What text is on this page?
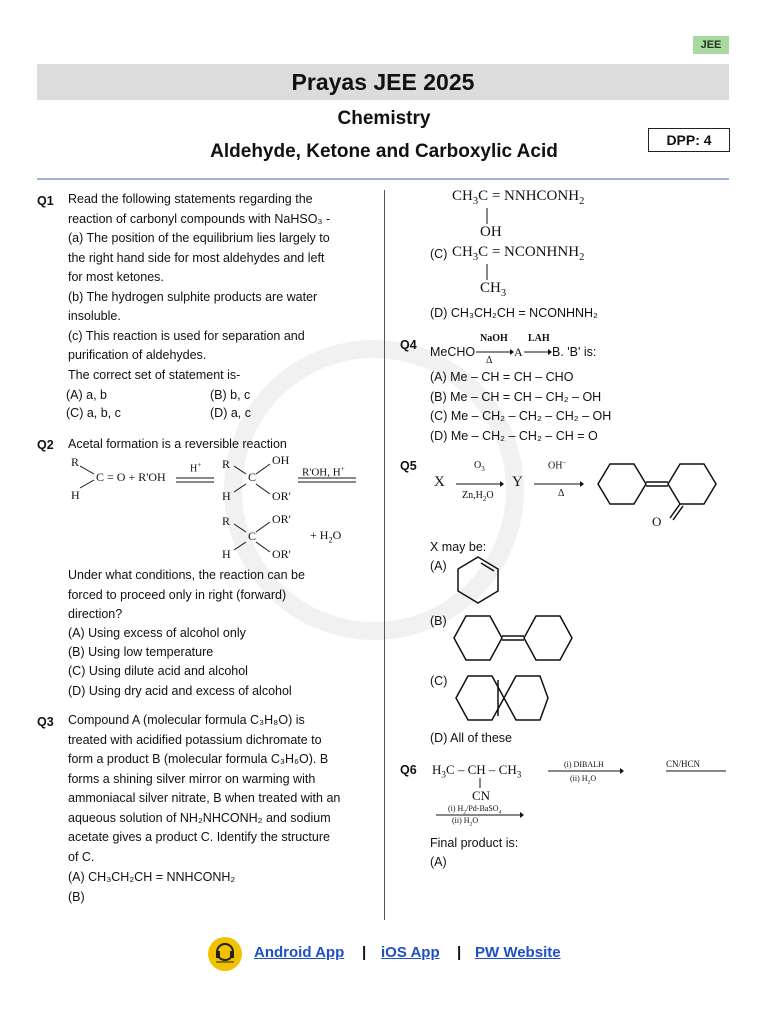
JEE
Prayas JEE 2025
Chemistry
Aldehyde, Ketone and Carboxylic Acid
DPP: 4
Q1 Read the following statements regarding the
reaction of carbonyl compounds with NaHSO₃ -
(a) The position of the equilibrium lies largely to
the right hand side for most aldehydes and left
for most ketones.
(b) The hydrogen sulphite products are water
insoluble.
(c) This reaction is used for separation and
purification of aldehydes.
The correct set of statement is-
(A) a, b	(B) b, c
(C) a, b, c	(D) a, c
Q2 Acetal formation is a reversible reaction
R
H
C = O + R'OH
H+ R
C
H
OH
OR'
R'OH, H+
R
C
H
OR'
OR'
+ $H_2O$
Under what conditions, the reaction can be
forced to proceed only in right (forward)
direction?
(A) Using excess of alcohol only
(B) Using low temperature
(C) Using dilute acid and alcohol
(D) Using dry acid and excess of alcohol
Q3 Compound A (molecular formula C₃H₈O) is
treated with acidified potassium dichromate to
form a product B (molecular formula C₃H₆O). B
forms a shining silver mirror on warming with
ammoniacal silver nitrate, B when treated with an
aqueous solution of NH₂NHCONH₂ and sodium
acetate gives a product C. Identify the structure
of C.
(A) CH₃CH₂CH = NNHCONH₂
(B)
$CH_3C$ = $NNHCONH_2$
OH
(C) $CH_3C$ = $NCONHNH_2$
$CH_3$
(D) CH₃CH₂CH = NCONHNH₂
Q4 MeCHO
NaOH
Δ
A
LAH
B. 'B' is:
(A) Me – CH = CH – CHO
(B) Me – CH = CH – CH₂ – OH
(C) Me – CH₂ – CH₂ – CH₂ – OH
(D) Me – CH₂ – CH₂ – CH = O
Q5
X
$O_3$
$Zn,H_2O$
Y
OH–
Δ
O
X may be:
(A)
(B)
(C)
(D) All of these
Q6 $H_3C$ – CH – $CH_3$
CN
(i) DIBALH
(ii) $H_2O$
CN/HCN
(i) $H_2/Pd-BaSO_4$
(ii) $H_2O$
Final product is:
(A)
Android App | iOS App | PW Website
